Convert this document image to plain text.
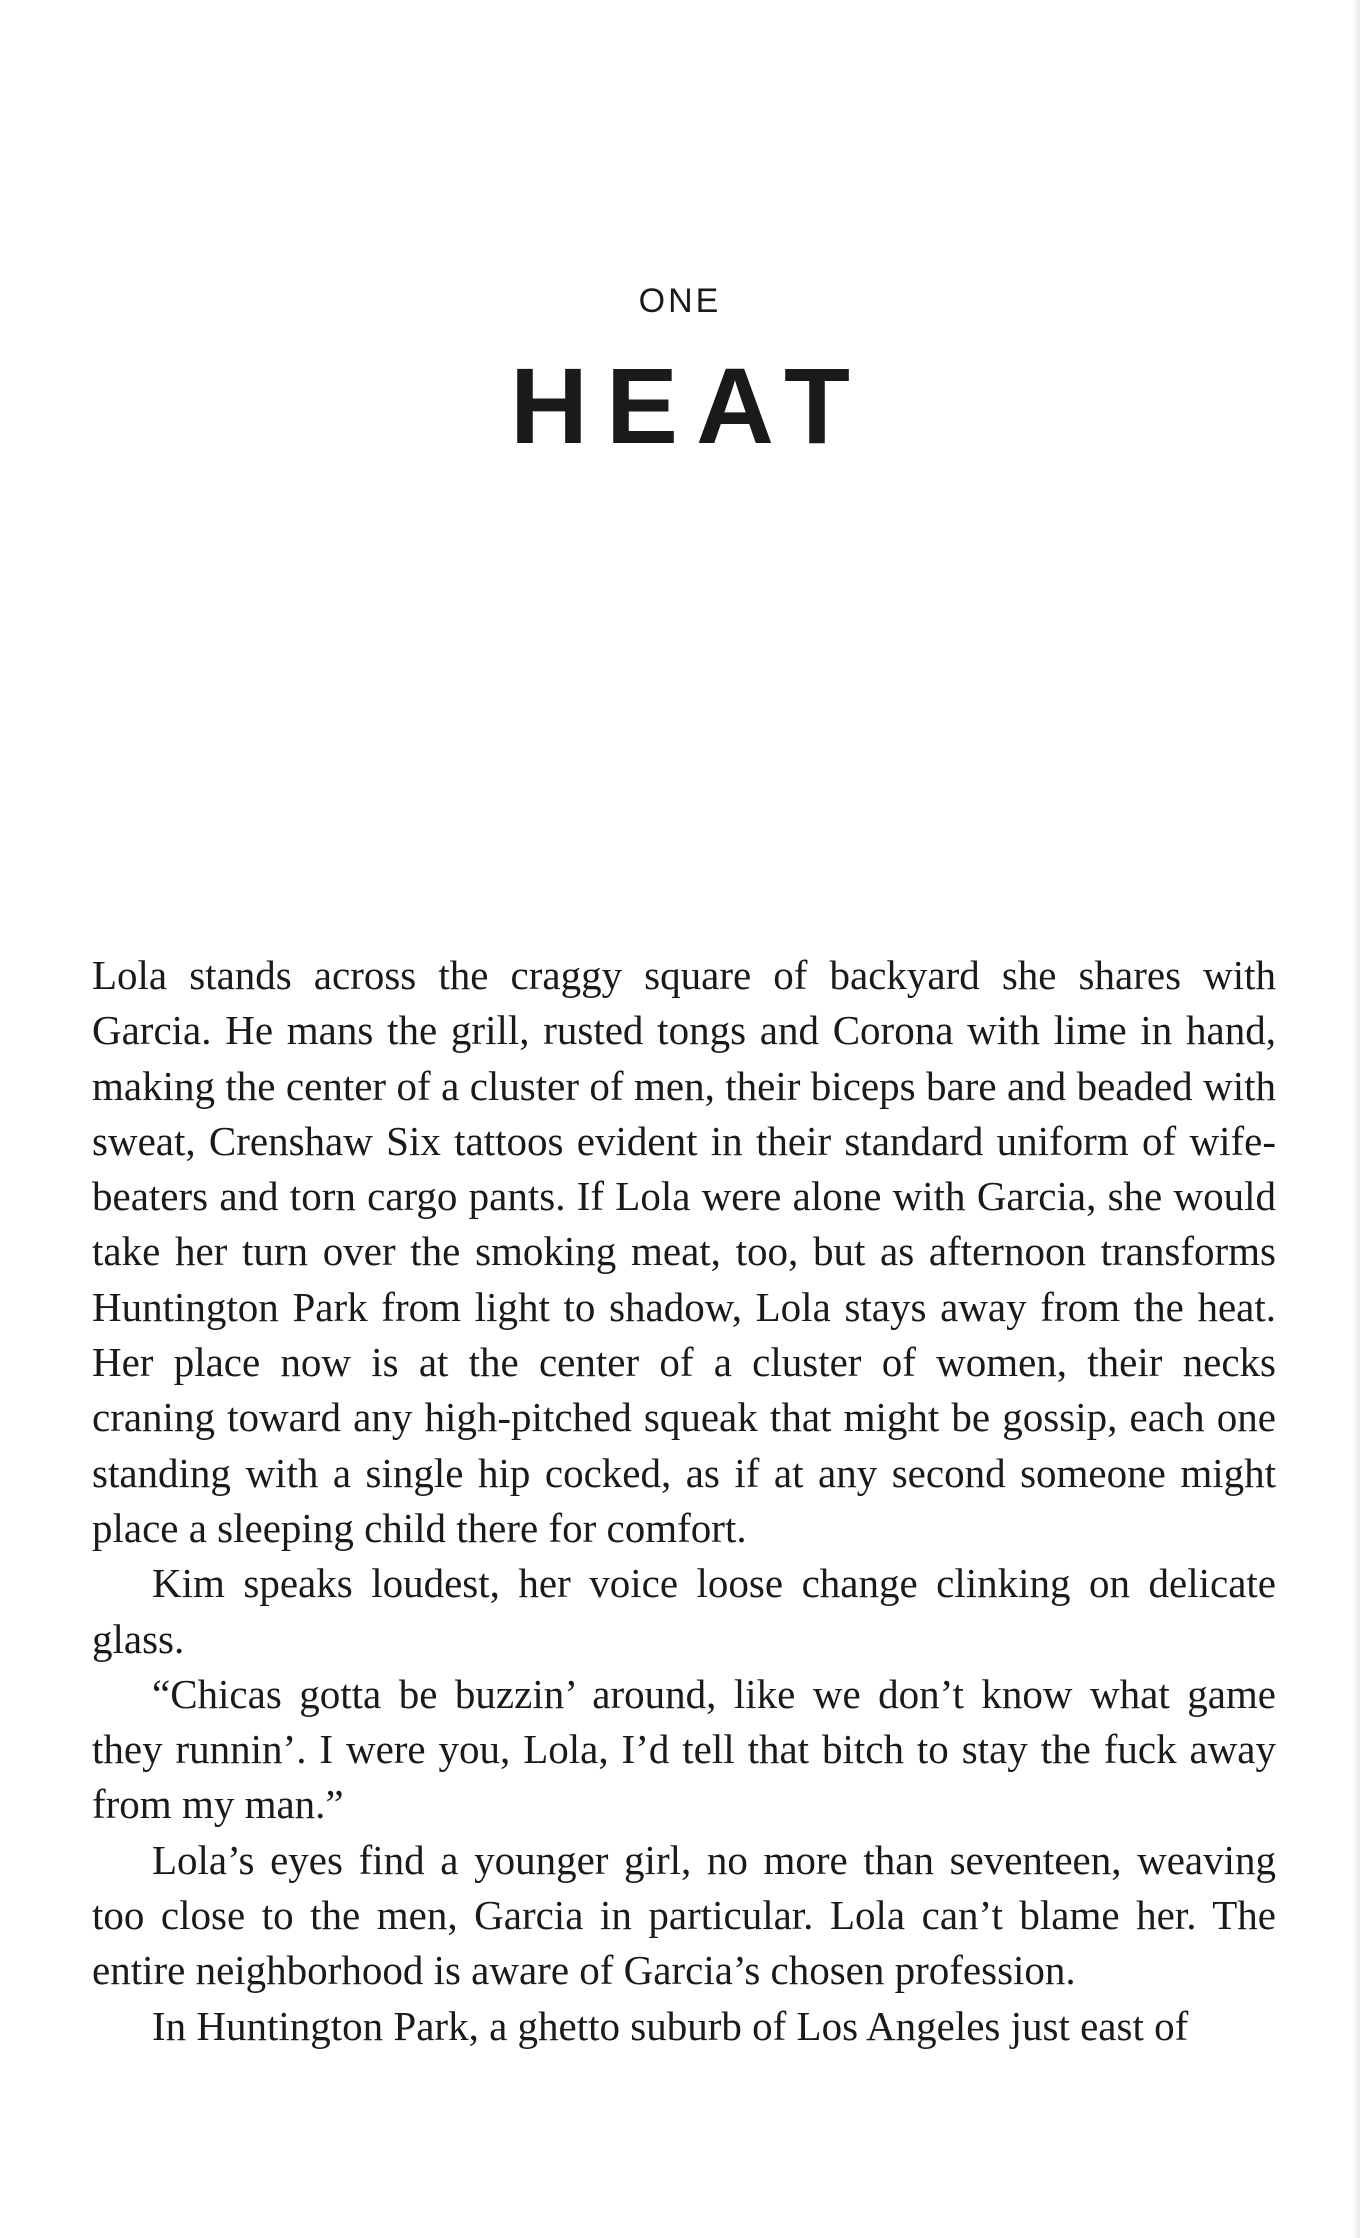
ONE
HEAT

Lola stands across the craggy square of backyard she shares with Garcia. He mans the grill, rusted tongs and Corona with lime in hand, making the center of a cluster of men, their biceps bare and beaded with sweat, Crenshaw Six tattoos evident in their standard uniform of wife-beaters and torn cargo pants. If Lola were alone with Garcia, she would take her turn over the smoking meat, too, but as afternoon transforms Huntington Park from light to shadow, Lola stays away from the heat. Her place now is at the center of a cluster of women, their necks craning toward any high-pitched squeak that might be gossip, each one standing with a single hip cocked, as if at any second someone might place a sleeping child there for comfort.

Kim speaks loudest, her voice loose change clinking on delicate glass.

“Chicas gotta be buzzin’ around, like we don’t know what game they runnin’. I were you, Lola, I’d tell that bitch to stay the fuck away from my man.”

Lola’s eyes find a younger girl, no more than seventeen, weaving too close to the men, Garcia in particular. Lola can’t blame her. The entire neighborhood is aware of Garcia’s chosen profession.

In Huntington Park, a ghetto suburb of Los Angeles just east of
